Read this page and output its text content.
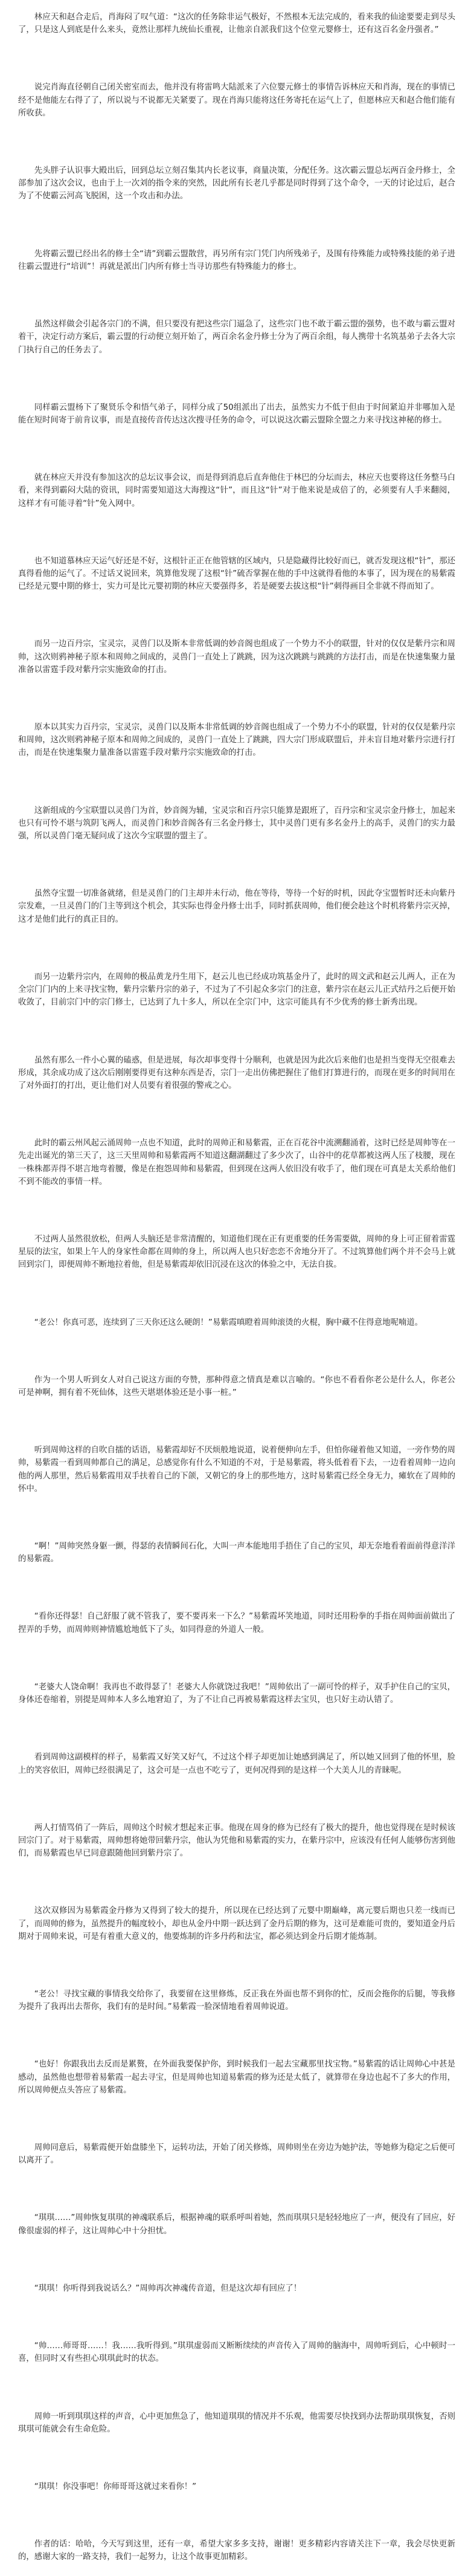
林应天和赵合走后，肖海闷了叹气道：“这次的任务除非运气极好，不然根本无法完成的，看来我的仙途要要走到尽头了，只是这人到底是什么来头，竟然让那样九统仙长重视，让他亲自派我们这个位堂元婴修士，还有这百名金丹强者。”

说完肖海直径朝自己闭关密室而去，他并没有将雷鸣大陆派来了六位婴元修士的事情告诉林应天和肖海，现在的事情已经不是他能左右得了了，所以说与不说都无关紧要了。现在肖海只能将这任务寄托在运气上了，但愿林应天和赵合他们能有所收获。

先头胖子认识事大殿出后，回到总坛立刻召集其内长老议事，商量决策，分配任务。这次霸云盟总坛两百金丹修士，全部参加了这次会议，也由于上一次刘的指令来的突然，因此所有长老几乎都是同时得到了这个命令，一天的讨论过后，赵合为了不使霸云河高飞脱困，这一个攻击和办法。

先将霸云盟已经出名的修士全“请”到霸云盟散营，再另所有宗门凭门内所残弟子，及围有待殊能力或特殊技能的弟子进往霸云盟进行“培训”！再就是派出门内所有修士当寻访那些有特殊能力的修士。

虽然这样做会引起各宗门的不满，但只要没有把这些宗门逼急了，这些宗门也不敢于霸云盟的强势，也不敢与霸云盟对着干，决定行动方案后，霸云盟的行动便立刻开始了，两百余名金丹修士分为了两百余组，每人携带十名筑基弟子去各大宗门执行自己的任务去了。

同样霸云盟杨下了聚贤乐令和悟气弟子，同样分成了50组派出了出去，虽然实力不低于但由于时间紧迫并非哪加入是能在短时间寄于前肯议事，而是直接传音传达这次搜寻任务的命令，可以说这次霸云盟除全盟之力来寻找这神秘的修士。

就在林应天并没有参加这次的总坛议事会议，而是得到消息后直奔他住于林巴的分坛而去，林应天也要将这任务整马白看，来得到霸闷大陆的资讯，同时需要知道这大海搜这“针”，而且这“针”对于他来说是成倍了的，必须要有人手来翻阅，这样才有可能寻着“针”免入网中。

也不知道慕林应天运气好还是不好，这根针正正在他管辖的区域内，只是隐藏得比较好而已，就否发现这根“针”，那还真得看他的运气了。不过话又说回来，筑算他发现了这根“针”硫否掌握在他的手中这就得看他的本事了，因为现在的易紫霞已经是元婴中期的修士，实力可是比元婴初期的林应天要强得多，若是硬要去拔这根“针”刺得画目全非就不得而知了。

而另一边百丹宗，宝灵宗，灵兽门以及斯本非常低调的妙音阁也组成了一个势力不小的联盟，针对的仅仅是紫丹宗和周帅，这次则鸦神秘子原本和周帅之间成的，灵兽门一直处上了跳跳，因为这次跳跳与跳跳的方法打击，而是在快速集聚力量准备以雷霆手段对紫丹宗实施致命的打击。

原本以其实力百丹宗，宝灵宗，灵兽门以及斯本非常低调的妙音阁也组成了一个势力不小的联盟，针对的仅仅是紫丹宗和周帅，这次则鸦神秘子原本和周帅之间成的，灵兽门一直处上了跳跳，四大宗门形成联盟后，并未盲目地对紫丹宗进行打击，而是在快速集聚力量准备以雷霆手段对紫丹宗实施致命的打击。

这新组成的今宝联盟以灵兽门为首，妙音阁为辅，宝灵宗和百丹宗只能算是跟班了，百丹宗和宝灵宗金丹修士，加起来也只有可怜不堪与筑阴飞两人，而灵兽门和妙音阁各有三名金丹修士，其中灵兽门更有多名金丹上的高手，灵兽门的实力最强，所以灵兽门毫无疑问成了这次今宝联盟的盟主了。

虽然夺宝盟一切准备就绪，但是灵兽门的门主却并未行动，他在等待，等待一个好的时机，因此夺宝盟暂时还未向紫丹宗发难，一旦灵兽门的门主等到这个机会，其实际也得金丹修士出手，同时抓获周帅，他们便会趁这个时机将紫丹宗灭掉，这才是他们此行的真正目的。

而另一边紫丹宗内，在周帅的极品黄龙丹生用下，赵云儿也已经成功筑基金丹了，此时的周文武和赵云儿两人，正在为全宗门门内的上来寻找宝物，紫丹宗紫丹宗的弟子，不过为了不引起众多宗门的注意，紫丹宗在赵云儿正式结丹之后便开始收敛了，目前宗门中的宗门修士，已达到了九十多人，所以在全宗门中，这宗可能具有不少优秀的修士新秀出现。

虽然有那么一件小心翼的磕惑，但是进展，每次却事变得十分顺利，也就是因为此次后来他们也是担当变得无空很难去形成，其余成功成了这次后刚刚要得更有这种东西是否，宗门一走出仿佛把握住了他们打算进行的，而现在更多的时间用在了对外面打的打出，更让他们对人员要有着很强的警戒之心。

此时的霸云州风起云涌周帅一点也不知道，此时的周帅正和易紫霞，正在百花谷中流溯翻涌着，这时已经是周帅等在一先走出诞光的第三天了，这三天里周帅和易紫霞两不知道这翻湖翻过了多少次了，山谷中的花草都被这两人压了枝腰，现在一株株都弄得不堪言地弯着腰，像是在抱怨周帅和易紫霞，但到现在这两人依旧没有收手了，他们现在可真是太关系给他们不到不能改的事情一样。

不过两人虽然很放松，但两人头脑还是非常清醒的，知道他们现在正有更重要的任务需要做，周帅的身上可正留着雷霆星辰的法宝，如果上午人的身家性命都在周帅的身上，所以两人也只好恋恋不舍地分开了。不过筑算他们两个并不会马上就回到宗门，即便周帅不断地拉着他，但是易紫霞却依旧沉浸在这次的体验之中，无法自拔。

“老公！你真可恶，连续到了三天你还这么硬朗！”易紫霞嗔瞪着周帅滚烫的火棍，胸中藏不住得意地呢喃道。

作为一个男人听到女人对自己说这方面的夸赞，那种得意之情真是难以言喻的。“你也不看看你老公是什么人，你老公可是神啊，拥有着不死仙体，这些天堪堪体验还是小事一桩。”

听到周帅这样的自吹自擂的话语，易紫霞却好不厌烦般地说道，说着便伸向左手，但怕你碰着他又知道，一旁作势的周帅，易紫霞一看到周帅都自己的满足，总感觉你有什么不知道的不对，于是易紫霞，将头低着看下去，一边看着周帅一边向他的两人那里，然后易紫霞用双手扶着自己的下颌，又朝它的身上的那些地方，这时易紫霞已经全身无力，瘫软在了周帅的怀中。

“啊！”周帅突然身躯一颤，得瑟的表情瞬间石化，大叫一声本能地用手捂住了自己的宝贝，却无奈地看着面前得意洋洋的易紫霞。

“看你还得瑟！自己舒服了就不管我了，要不要再来一下么？”易紫霞坏笑地道，同时还用粉拳的手指在周帅面前做出了捏弄的手势，而周帅则神情尴尬地低下了头，如同得意的外道人一般。

“老婆大人饶命啊！我再也不敢得瑟了！老婆大人你就饶过我吧！”周帅依出了一副可怜的样子，双手护住自己的宝贝，身体还卷缩着，别提是周帅本人多么地窘迫了，为了不让自己再被易紫霞这样去宝贝，也只好主动认错了。

看到周帅这副模样的样子，易紫霞又好笑又好气，不过这个样子却更加让她感到满足了，所以她又回到了他的怀里，脸上的笑容依旧，周帅已经很满足了，这会可是一点也不吃亏了，更何况得到的是这样一个大美人儿的青睐呢。

两人打情骂俏了一阵后，周帅这个时候才想起来正事。他现在周身的修为已经有了极大的提升，他也觉得现在是时候该回宗门了。对于易紫霞，周帅想将她带回紫丹宗，他认为凭他和易紫霞的实力，在紫丹宗中，应该没有任何人能够伤害到他们，而易紫霞也早已同意跟随他回到紫丹宗了。

这次双修因为易紫霞金丹修为又得到了较大的提升，所以现在已经达到了元婴中期巅峰，离元婴后期也只差一线而已了，而周帅的修为，虽然提升的幅度较小，却也从金丹中期一跃达到了金丹后期的修为，这可是难能可贵的，要知道金丹后期对于周帅来说，可是有着重大意义的，他要炼制的许多丹药和法宝，都必须达到金丹后期才能炼制。

“老公！寻找宝藏的事情我交给你了，我要留在这里修炼，反正我在外面也帮不到你的忙，反而会拖你的后腿，等我修为提升了我再出去帮你，我们有的是时间。”易紫霞一脸深情地看着周帅说道。

“也好！你跟我出去反而是累赘，在外面我要保护你，到时候我们一起去宝藏那里找宝物。”易紫霞的话让周帅心中甚是感动，虽然他也想带着易紫霞一起去寻宝，但是周帅也知道易紫霞的修为还是太低了，就算带在身边也起不了多大的作用，所以周帅便点头答应了易紫霞。

周帅同意后，易紫霞便开始盘膝坐下，运转功法，开始了闭关修炼，周帅则坐在旁边为她护法，等她修为稳定之后便可以离开了。

“琪琪……”周帅恢复琪琪的神魂联系后，根据神魂的联系呼叫着她，然而琪琪只是轻轻地应了一声，便没有了回应，好像很虚弱的样子，这让周帅心中十分担忧。

“琪琪！你听得到我说话么？”周帅再次神魂传音道，但是这次却有回应了！

“帅……师哥哥……！我……我听得到。”琪琪虚弱而又断断续续的声音传入了周帅的脑海中，周帅听到后，心中顿时一喜，但同时又有些担心琪琪此时的状态。

周帅一听到琪琪这样的声音，心中更加焦急了，他知道琪琪的情况并不乐观，他需要尽快找到办法帮助琪琪恢复，否则琪琪可能就会有生命危险。

“琪琪！你没事吧！你师哥哥这就过来看你！”

作者的话：哈哈，今天写到这里，还有一章，希望大家多多支持，谢谢！更多精彩内容请关注下一章，我会尽快更新的，感谢大家的一路支持，我们一起努力，让这个故事更加精彩。
